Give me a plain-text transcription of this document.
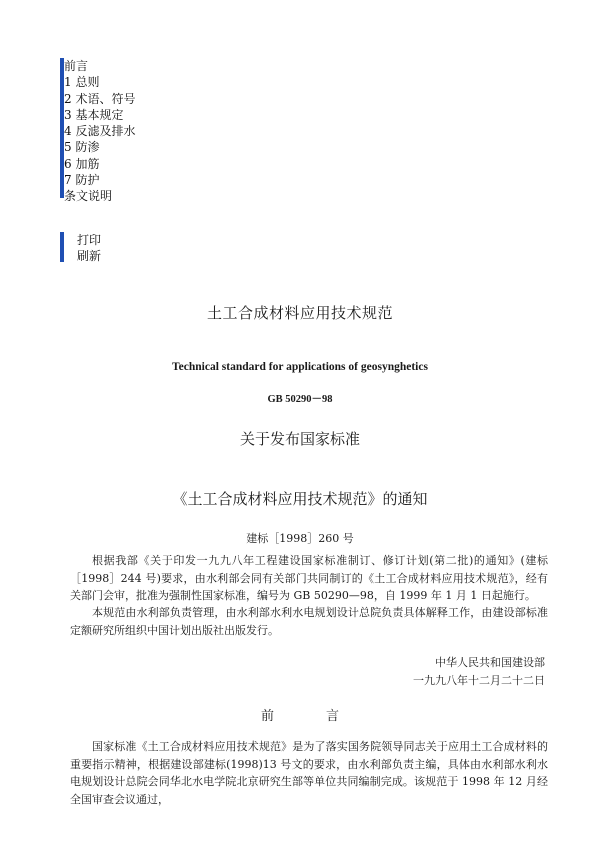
前言
1 总则
2 术语、符号
3 基本规定
4 反滤及排水
5 防渗
6 加筋
7 防护
条文说明
打印
刷新
土工合成材料应用技术规范
Technical standard for applications of geosynghetics
GB 50290－98
关于发布国家标准
《土工合成材料应用技术规范》的通知
建标［1998］260 号
根据我部《关于印发一九九八年工程建设国家标准制订、修订计划(第二批)的通知》(建标［1998］244 号)要求，由水利部会同有关部门共同制订的《土工合成材料应用技术规范》，经有关部门会审，批准为强制性国家标准，编号为 GB 50290—98，自 1999 年 1 月 1 日起施行。
本规范由水利部负责管理，由水利部水利水电规划设计总院负责具体解释工作，由建设部标准定额研究所组织中国计划出版社出版发行。
中华人民共和国建设部
一九九八年十二月二十二日
前	言
国家标准《土工合成材料应用技术规范》是为了落实国务院领导同志关于应用土工合成材料的重要指示精神，根据建设部建标(1998)13 号文的要求，由水利部负责主编，具体由水利部水利水电规划设计总院会同华北水电学院北京研究生部等单位共同编制完成。该规范于 1998 年 12 月经全国审查会议通过，
